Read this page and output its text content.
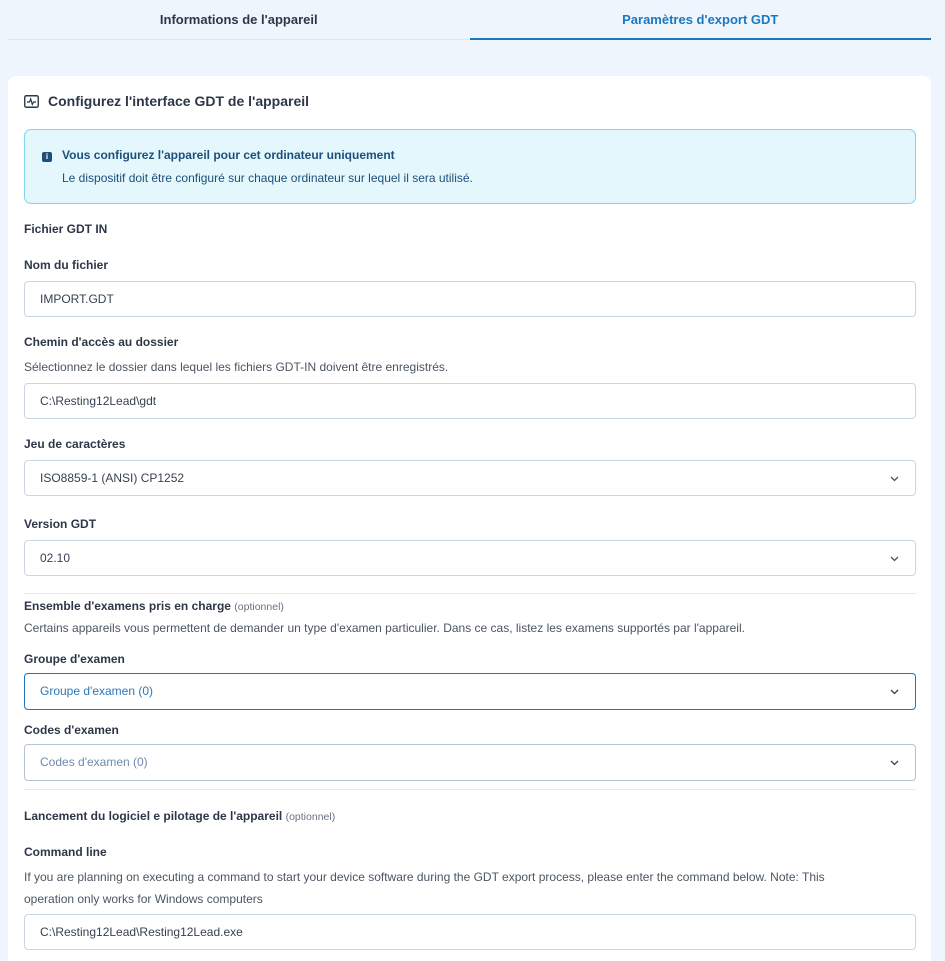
Informations de l'appareil	Paramètres d'export GDT
Configurez l'interface GDT de l'appareil
i	Vous configurez l'appareil pour cet ordinateur uniquement
Le dispositif doit être configuré sur chaque ordinateur sur lequel il sera utilisé.
Fichier GDT IN
Nom du fichier
IMPORT.GDT
Chemin d'accès au dossier
Sélectionnez le dossier dans lequel les fichiers GDT-IN doivent être enregistrés.
C:\Resting12Lead\gdt
Jeu de caractères
ISO8859-1 (ANSI) CP1252
Version GDT
02.10
Ensemble d'examens pris en charge (optionnel)
Certains appareils vous permettent de demander un type d'examen particulier. Dans ce cas, listez les examens supportés par l'appareil.
Groupe d'examen
Groupe d'examen (0)
Codes d'examen
Codes d'examen (0)
Lancement du logiciel e pilotage de l'appareil (optionnel)
Command line
If you are planning on executing a command to start your device software during the GDT export process, please enter the command below. Note: This
operation only works for Windows computers
C:\Resting12Lead\Resting12Lead.exe
